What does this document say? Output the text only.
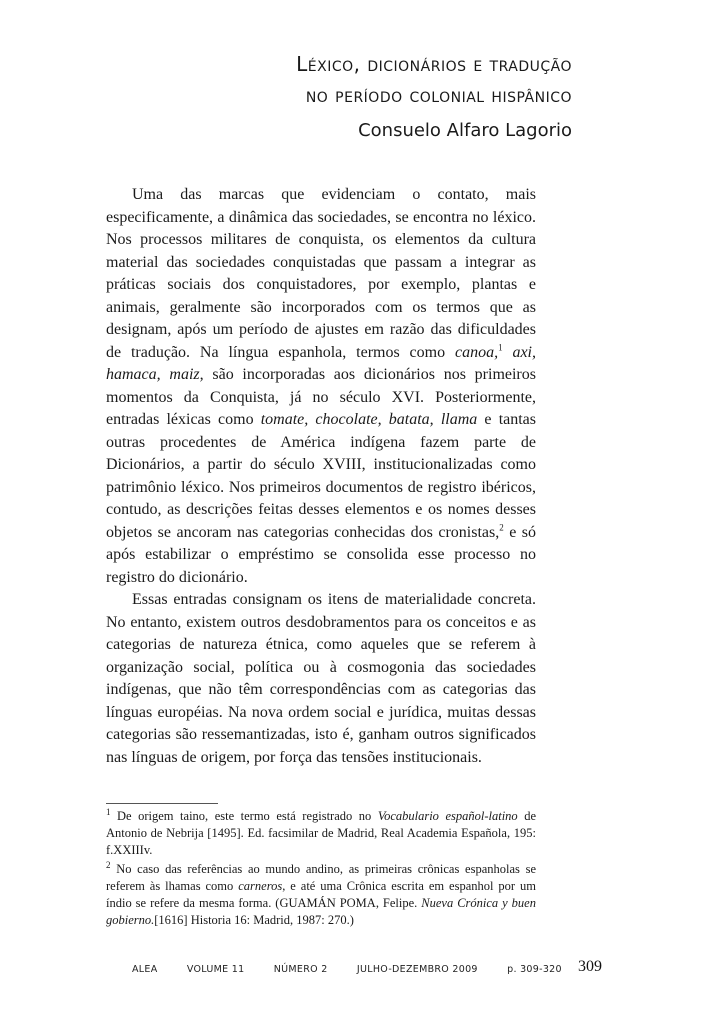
Léxico, dicionários e tradução
no período colonial hispânico
Consuelo Alfaro Lagorio

Uma das marcas que evidenciam o contato, mais especificamente, a dinâmica das sociedades, se encontra no léxico. Nos processos militares de conquista, os elementos da cultura material das sociedades conquistadas que passam a integrar as práticas sociais dos conquistadores, por exemplo, plantas e animais, geralmente são incorporados com os termos que as designam, após um período de ajustes em razão das dificuldades de tradução. Na língua espanhola, termos como canoa,$^1$ axi, hamaca, maiz, são incorporadas aos dicionários nos primeiros momentos da Conquista, já no século XVI. Posteriormente, entradas léxicas como tomate, chocolate, batata, llama e tantas outras procedentes de América indígena fazem parte de Dicionários, a partir do século XVIII, institucionalizadas como patrimônio léxico. Nos primeiros documentos de registro ibéricos, contudo, as descrições feitas desses elementos e os nomes desses objetos se ancoram nas categorias conhecidas dos cronistas,$^2$ e só após estabilizar o empréstimo se consolida esse processo no registro do dicionário.

Essas entradas consignam os itens de materialidade concreta. No entanto, existem outros desdobramentos para os conceitos e as categorias de natureza étnica, como aqueles que se referem à organização social, política ou à cosmogonia das sociedades indígenas, que não têm correspondências com as categorias das línguas européias. Na nova ordem social e jurídica, muitas dessas categorias são ressemantizadas, isto é, ganham outros significados nas línguas de origem, por força das tensões institucionais.

$^1$ De origem taino, este termo está registrado no Vocabulario español-latino de Antonio de Nebrija [1495]. Ed. facsimilar de Madrid, Real Academia Española, 195: f.XXIIIv.

$^2$ No caso das referências ao mundo andino, as primeiras crônicas espanholas se referem às lhamas como carneros, e até uma Crônica escrita em espanhol por um índio se refere da mesma forma. (GUAMÁN POMA, Felipe. Nueva Crónica y buen gobierno.[1616] Historia 16: Madrid, 1987: 270.)

ALEA	VOLUME 11	NÚMERO 2	JULHO-DEZEMBRO 2009	p. 309-320	309
